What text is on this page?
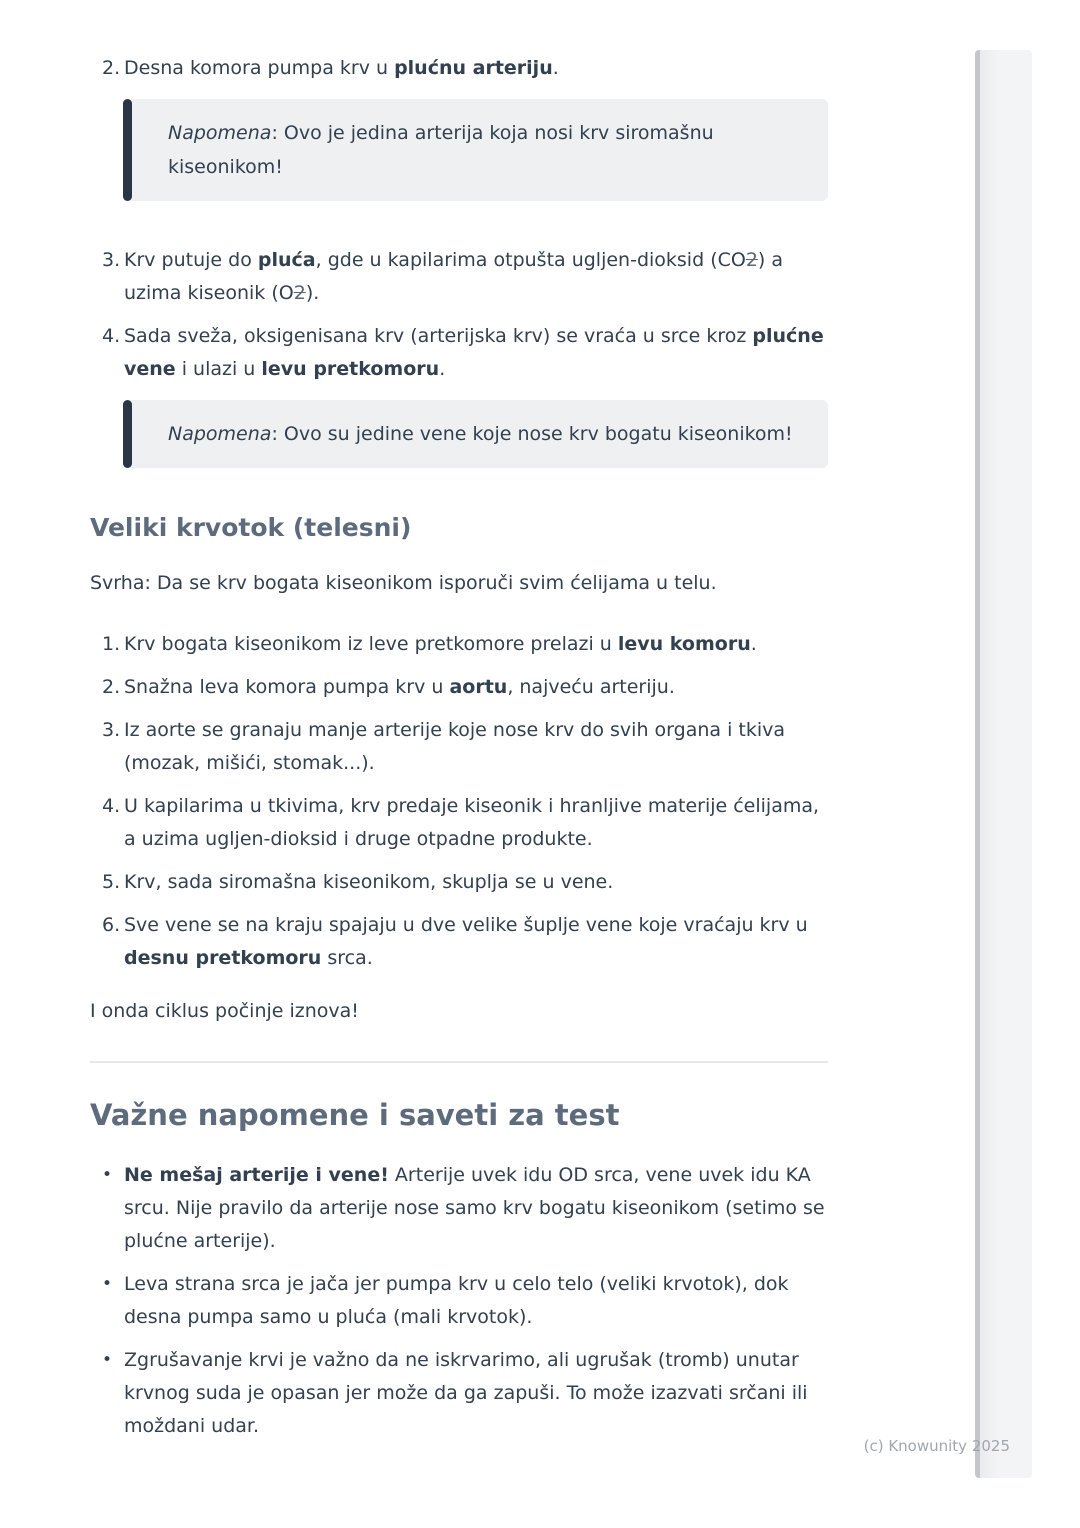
2. Desna komora pumpa krv u plućnu arteriju.
Napomena: Ovo je jedina arterija koja nosi krv siromašnu
kiseonikom!
3. Krv putuje do pluća, gde u kapilarima otpušta ugljen-dioksid (CO2) a uzima kiseonik (O2).
4. Sada sveža, oksigenisana krv (arterijska krv) se vraća u srce kroz plućne vene i ulazi u levu pretkomoru.
Napomena: Ovo su jedine vene koje nose krv bogatu kiseonikom!
Veliki krvotok (telesni)
Svrha: Da se krv bogata kiseonikom isporuči svim ćelijama u telu.
1. Krv bogata kiseonikom iz leve pretkomore prelazi u levu komoru.
2. Snažna leva komora pumpa krv u aortu, najveću arteriju.
3. Iz aorte se granaju manje arterije koje nose krv do svih organa i tkiva (mozak, mišići, stomak...).
4. U kapilarima u tkivima, krv predaje kiseonik i hranljive materije ćelijama, a uzima ugljen-dioksid i druge otpadne produkte.
5. Krv, sada siromašna kiseonikom, skuplja se u vene.
6. Sve vene se na kraju spajaju u dve velike šuplje vene koje vraćaju krv u desnu pretkomoru srca.
I onda ciklus počinje iznova!
Važne napomene i saveti za test
• Ne mešaj arterije i vene! Arterije uvek idu OD srca, vene uvek idu KA srcu. Nije pravilo da arterije nose samo krv bogatu kiseonikom (setimo se plućne arterije).
• Leva strana srca je jača jer pumpa krv u celo telo (veliki krvotok), dok desna pumpa samo u pluća (mali krvotok).
• Zgrušavanje krvi je važno da ne iskrvarimo, ali ugrušak (tromb) unutar krvnog suda je opasan jer može da ga zapuši. To može izazvati srčani ili moždani udar.
(c) Knowunity 2025
